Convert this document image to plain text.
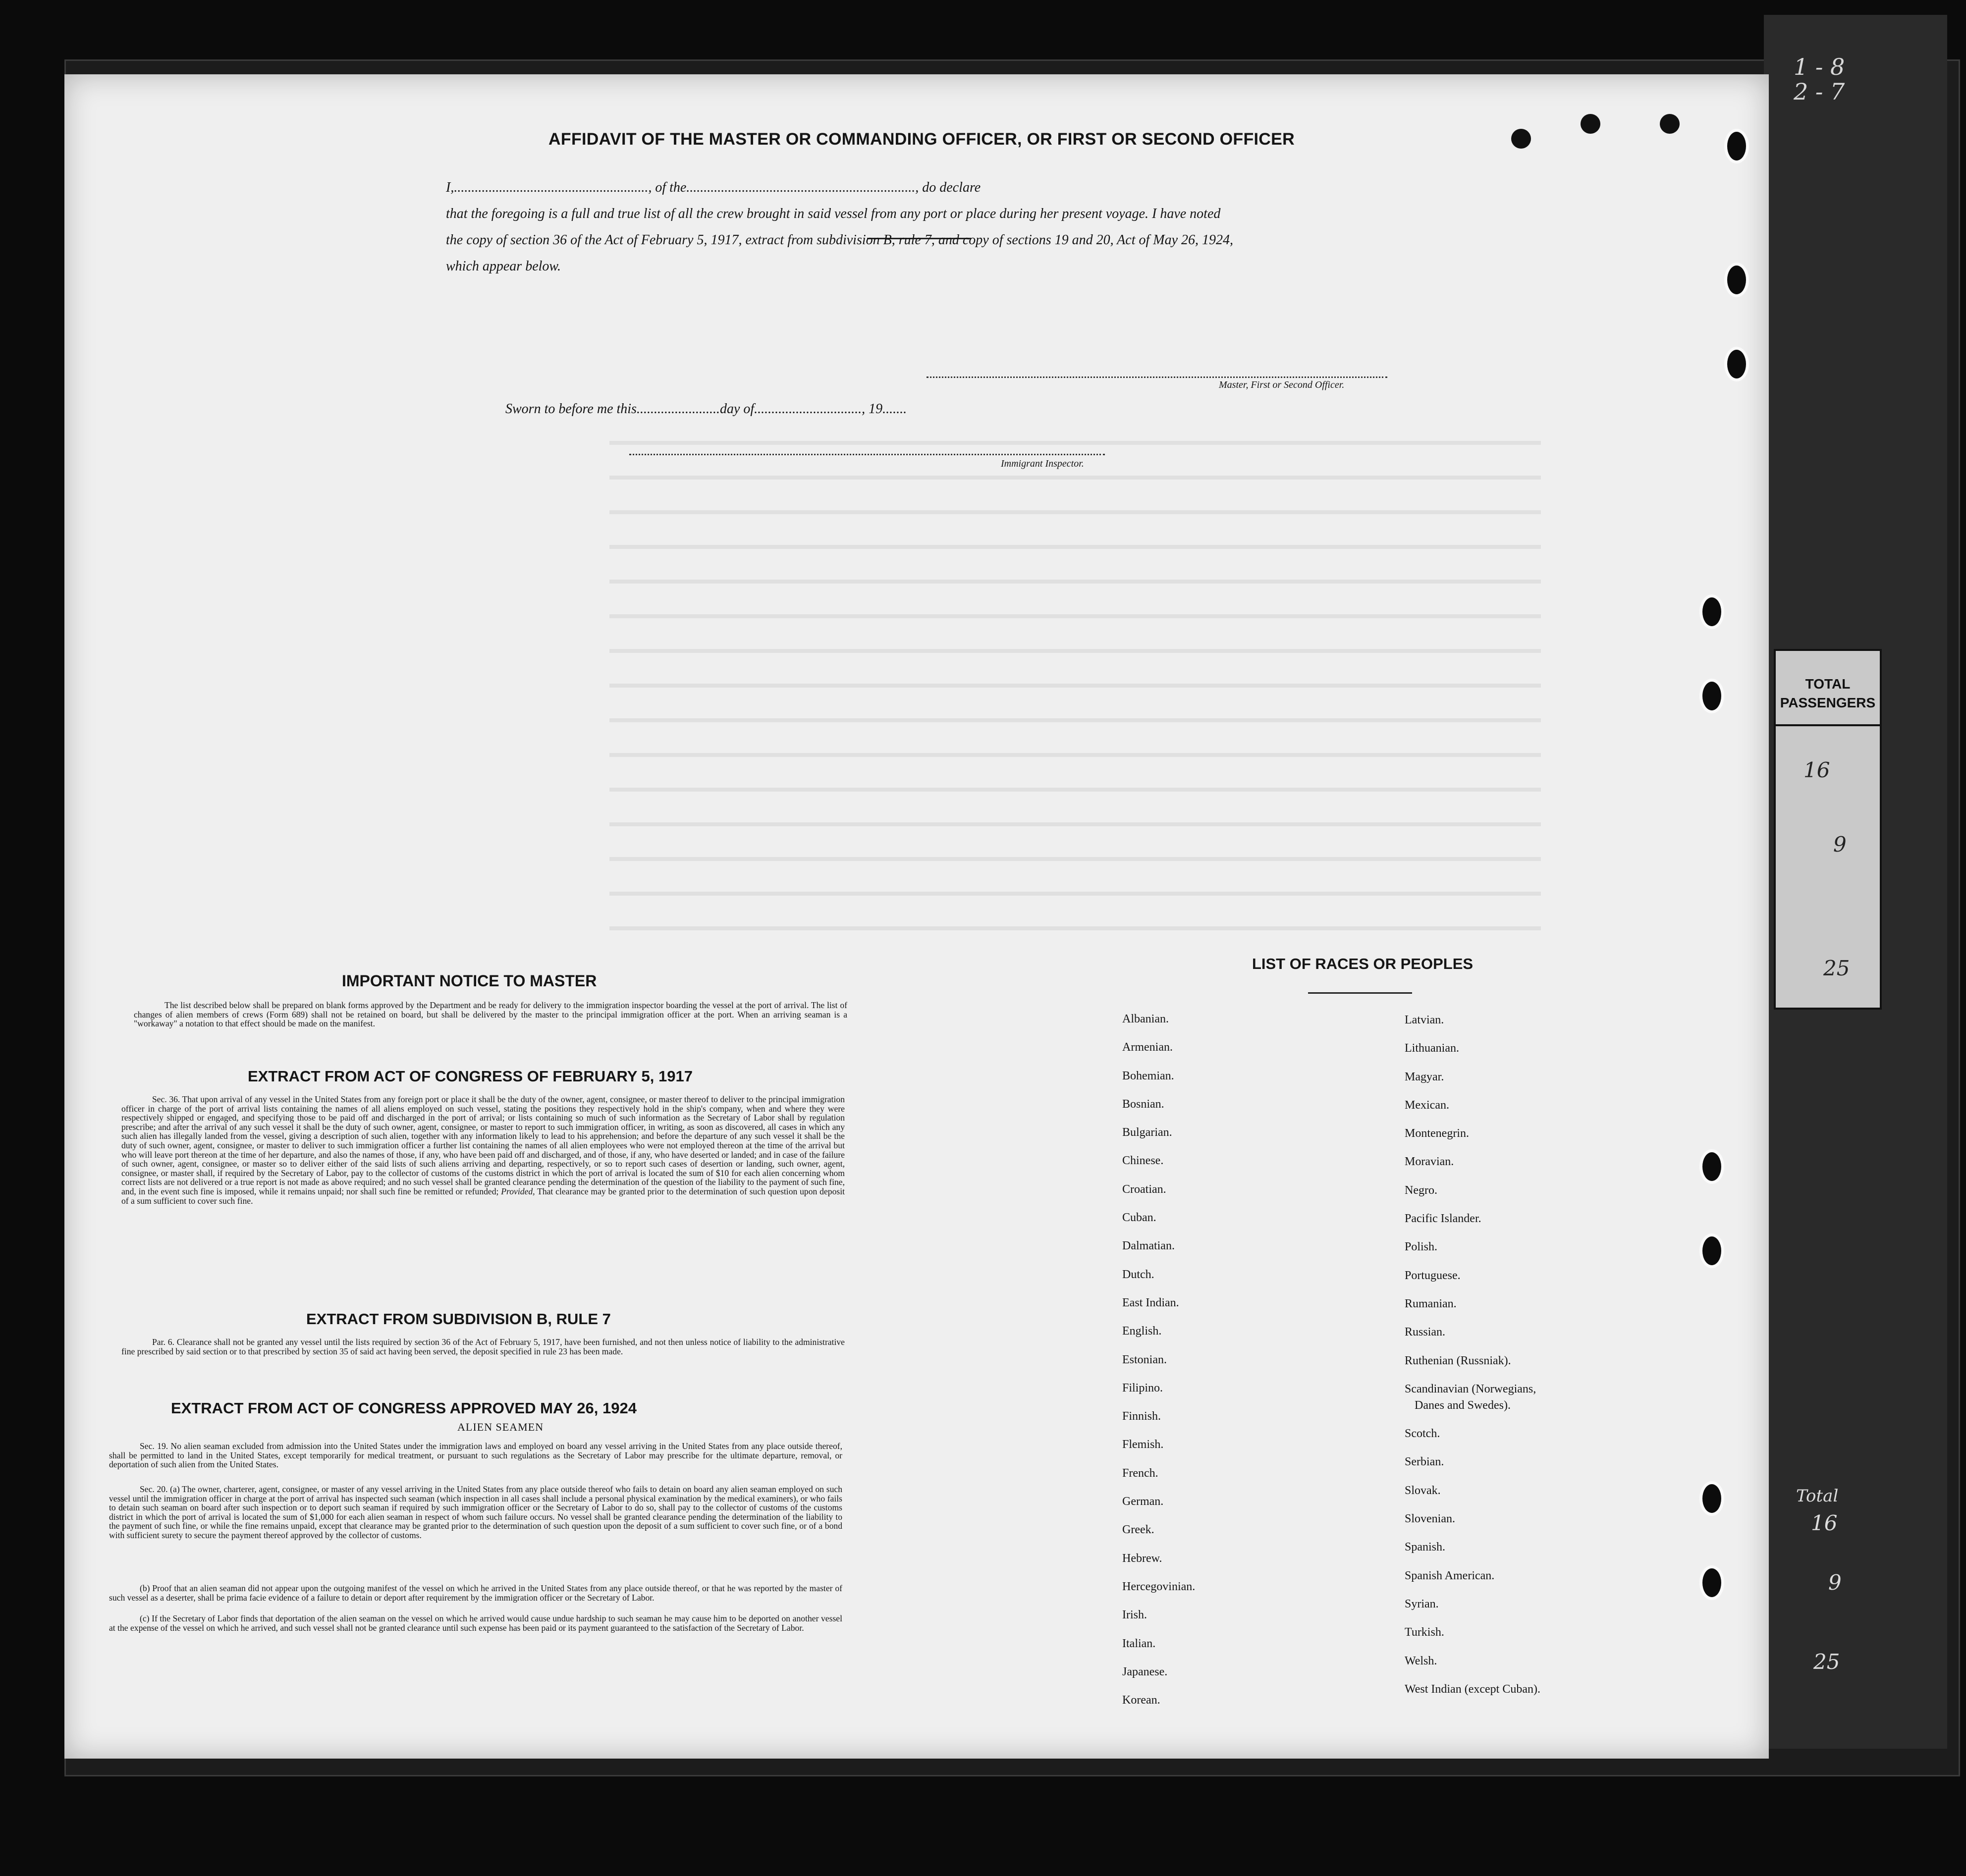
1 - 8
2 - 7
TOTAL
PASSENGERS
16
9
25
Total
16
9
25
AFFIDAVIT OF THE MASTER OR COMMANDING OFFICER, OR FIRST OR SECOND OFFICER
I,........................................................, of the.................................................................., do declare
that the foregoing is a full and true list of all the crew brought in said vessel from any port or place during her present voyage. I have noted
the copy of section 36 of the Act of February 5, 1917, extract from subdivision B, rule 7, and copy of sections 19 and 20, Act of May 26, 1924,
which appear below.
Master, First or Second Officer.
Sworn to before me this........................day of..............................., 19.......
Immigrant Inspector.
IMPORTANT NOTICE TO MASTER
The list described below shall be prepared on blank forms approved by the Department and be ready for delivery to the immigration inspector boarding the vessel at the port of arrival. The list of changes of alien members of crews (Form 689) shall not be retained on board, but shall be delivered by the master to the principal immigration officer at the port. When an arriving seaman is a "workaway" a notation to that effect should be made on the manifest.
EXTRACT FROM ACT OF CONGRESS OF FEBRUARY 5, 1917
Sec. 36. That upon arrival of any vessel in the United States from any foreign port or place it shall be the duty of the owner, agent, consignee, or master thereof to deliver to the principal immigration officer in charge of the port of arrival lists containing the names of all aliens employed on such vessel, stating the positions they respectively hold in the ship's company, when and where they were respectively shipped or engaged, and specifying those to be paid off and discharged in the port of arrival; or lists containing so much of such information as the Secretary of Labor shall by regulation prescribe; and after the arrival of any such vessel it shall be the duty of such owner, agent, consignee, or master to report to such immigration officer, in writing, as soon as discovered, all cases in which any such alien has illegally landed from the vessel, giving a description of such alien, together with any information likely to lead to his apprehension; and before the departure of any such vessel it shall be the duty of such owner, agent, consignee, or master to deliver to such immigration officer a further list containing the names of all alien employees who were not employed thereon at the time of the arrival but who will leave port thereon at the time of her departure, and also the names of those, if any, who have been paid off and discharged, and of those, if any, who have deserted or landed; and in case of the failure of such owner, agent, consignee, or master so to deliver either of the said lists of such aliens arriving and departing, respectively, or so to report such cases of desertion or landing, such owner, agent, consignee, or master shall, if required by the Secretary of Labor, pay to the collector of customs of the customs district in which the port of arrival is located the sum of $10 for each alien concerning whom correct lists are not delivered or a true report is not made as above required; and no such vessel shall be granted clearance pending the determination of the question of the liability to the payment of such fine, and, in the event such fine is imposed, while it remains unpaid; nor shall such fine be remitted or refunded; Provided, That clearance may be granted prior to the determination of such question upon deposit of a sum sufficient to cover such fine.
EXTRACT FROM SUBDIVISION B, RULE 7
Par. 6. Clearance shall not be granted any vessel until the lists required by section 36 of the Act of February 5, 1917, have been furnished, and not then unless notice of liability to the administrative fine prescribed by said section or to that prescribed by section 35 of said act having been served, the deposit specified in rule 23 has been made.
EXTRACT FROM ACT OF CONGRESS APPROVED MAY 26, 1924
ALIEN SEAMEN
Sec. 19. No alien seaman excluded from admission into the United States under the immigration laws and employed on board any vessel arriving in the United States from any place outside thereof, shall be permitted to land in the United States, except temporarily for medical treatment, or pursuant to such regulations as the Secretary of Labor may prescribe for the ultimate departure, removal, or deportation of such alien from the United States.
Sec. 20. (a) The owner, charterer, agent, consignee, or master of any vessel arriving in the United States from any place outside thereof who fails to detain on board any alien seaman employed on such vessel until the immigration officer in charge at the port of arrival has inspected such seaman (which inspection in all cases shall include a personal physical examination by the medical examiners), or who fails to detain such seaman on board after such inspection or to deport such seaman if required by such immigration officer or the Secretary of Labor to do so, shall pay to the collector of customs of the customs district in which the port of arrival is located the sum of $1,000 for each alien seaman in respect of whom such failure occurs. No vessel shall be granted clearance pending the determination of the liability to the payment of such fine, or while the fine remains unpaid, except that clearance may be granted prior to the determination of such question upon the deposit of a sum sufficient to cover such fine, or of a bond with sufficient surety to secure the payment thereof approved by the collector of customs.
(b) Proof that an alien seaman did not appear upon the outgoing manifest of the vessel on which he arrived in the United States from any place outside thereof, or that he was reported by the master of such vessel as a deserter, shall be prima facie evidence of a failure to detain or deport after requirement by the immigration officer or the Secretary of Labor.
(c) If the Secretary of Labor finds that deportation of the alien seaman on the vessel on which he arrived would cause undue hardship to such seaman he may cause him to be deported on another vessel at the expense of the vessel on which he arrived, and such vessel shall not be granted clearance until such expense has been paid or its payment guaranteed to the satisfaction of the Secretary of Labor.
LIST OF RACES OR PEOPLES
Albanian.
Armenian.
Bohemian.
Bosnian.
Bulgarian.
Chinese.
Croatian.
Cuban.
Dalmatian.
Dutch.
East Indian.
English.
Estonian.
Filipino.
Finnish.
Flemish.
French.
German.
Greek.
Hebrew.
Hercegovinian.
Irish.
Italian.
Japanese.
Korean.
Latvian.
Lithuanian.
Magyar.
Mexican.
Montenegrin.
Moravian.
Negro.
Pacific Islander.
Polish.
Portuguese.
Rumanian.
Russian.
Ruthenian (Russniak).
Scandinavian (Norwegians,
Danes and Swedes).
Scotch.
Serbian.
Slovak.
Slovenian.
Spanish.
Spanish American.
Syrian.
Turkish.
Welsh.
West Indian (except Cuban).
